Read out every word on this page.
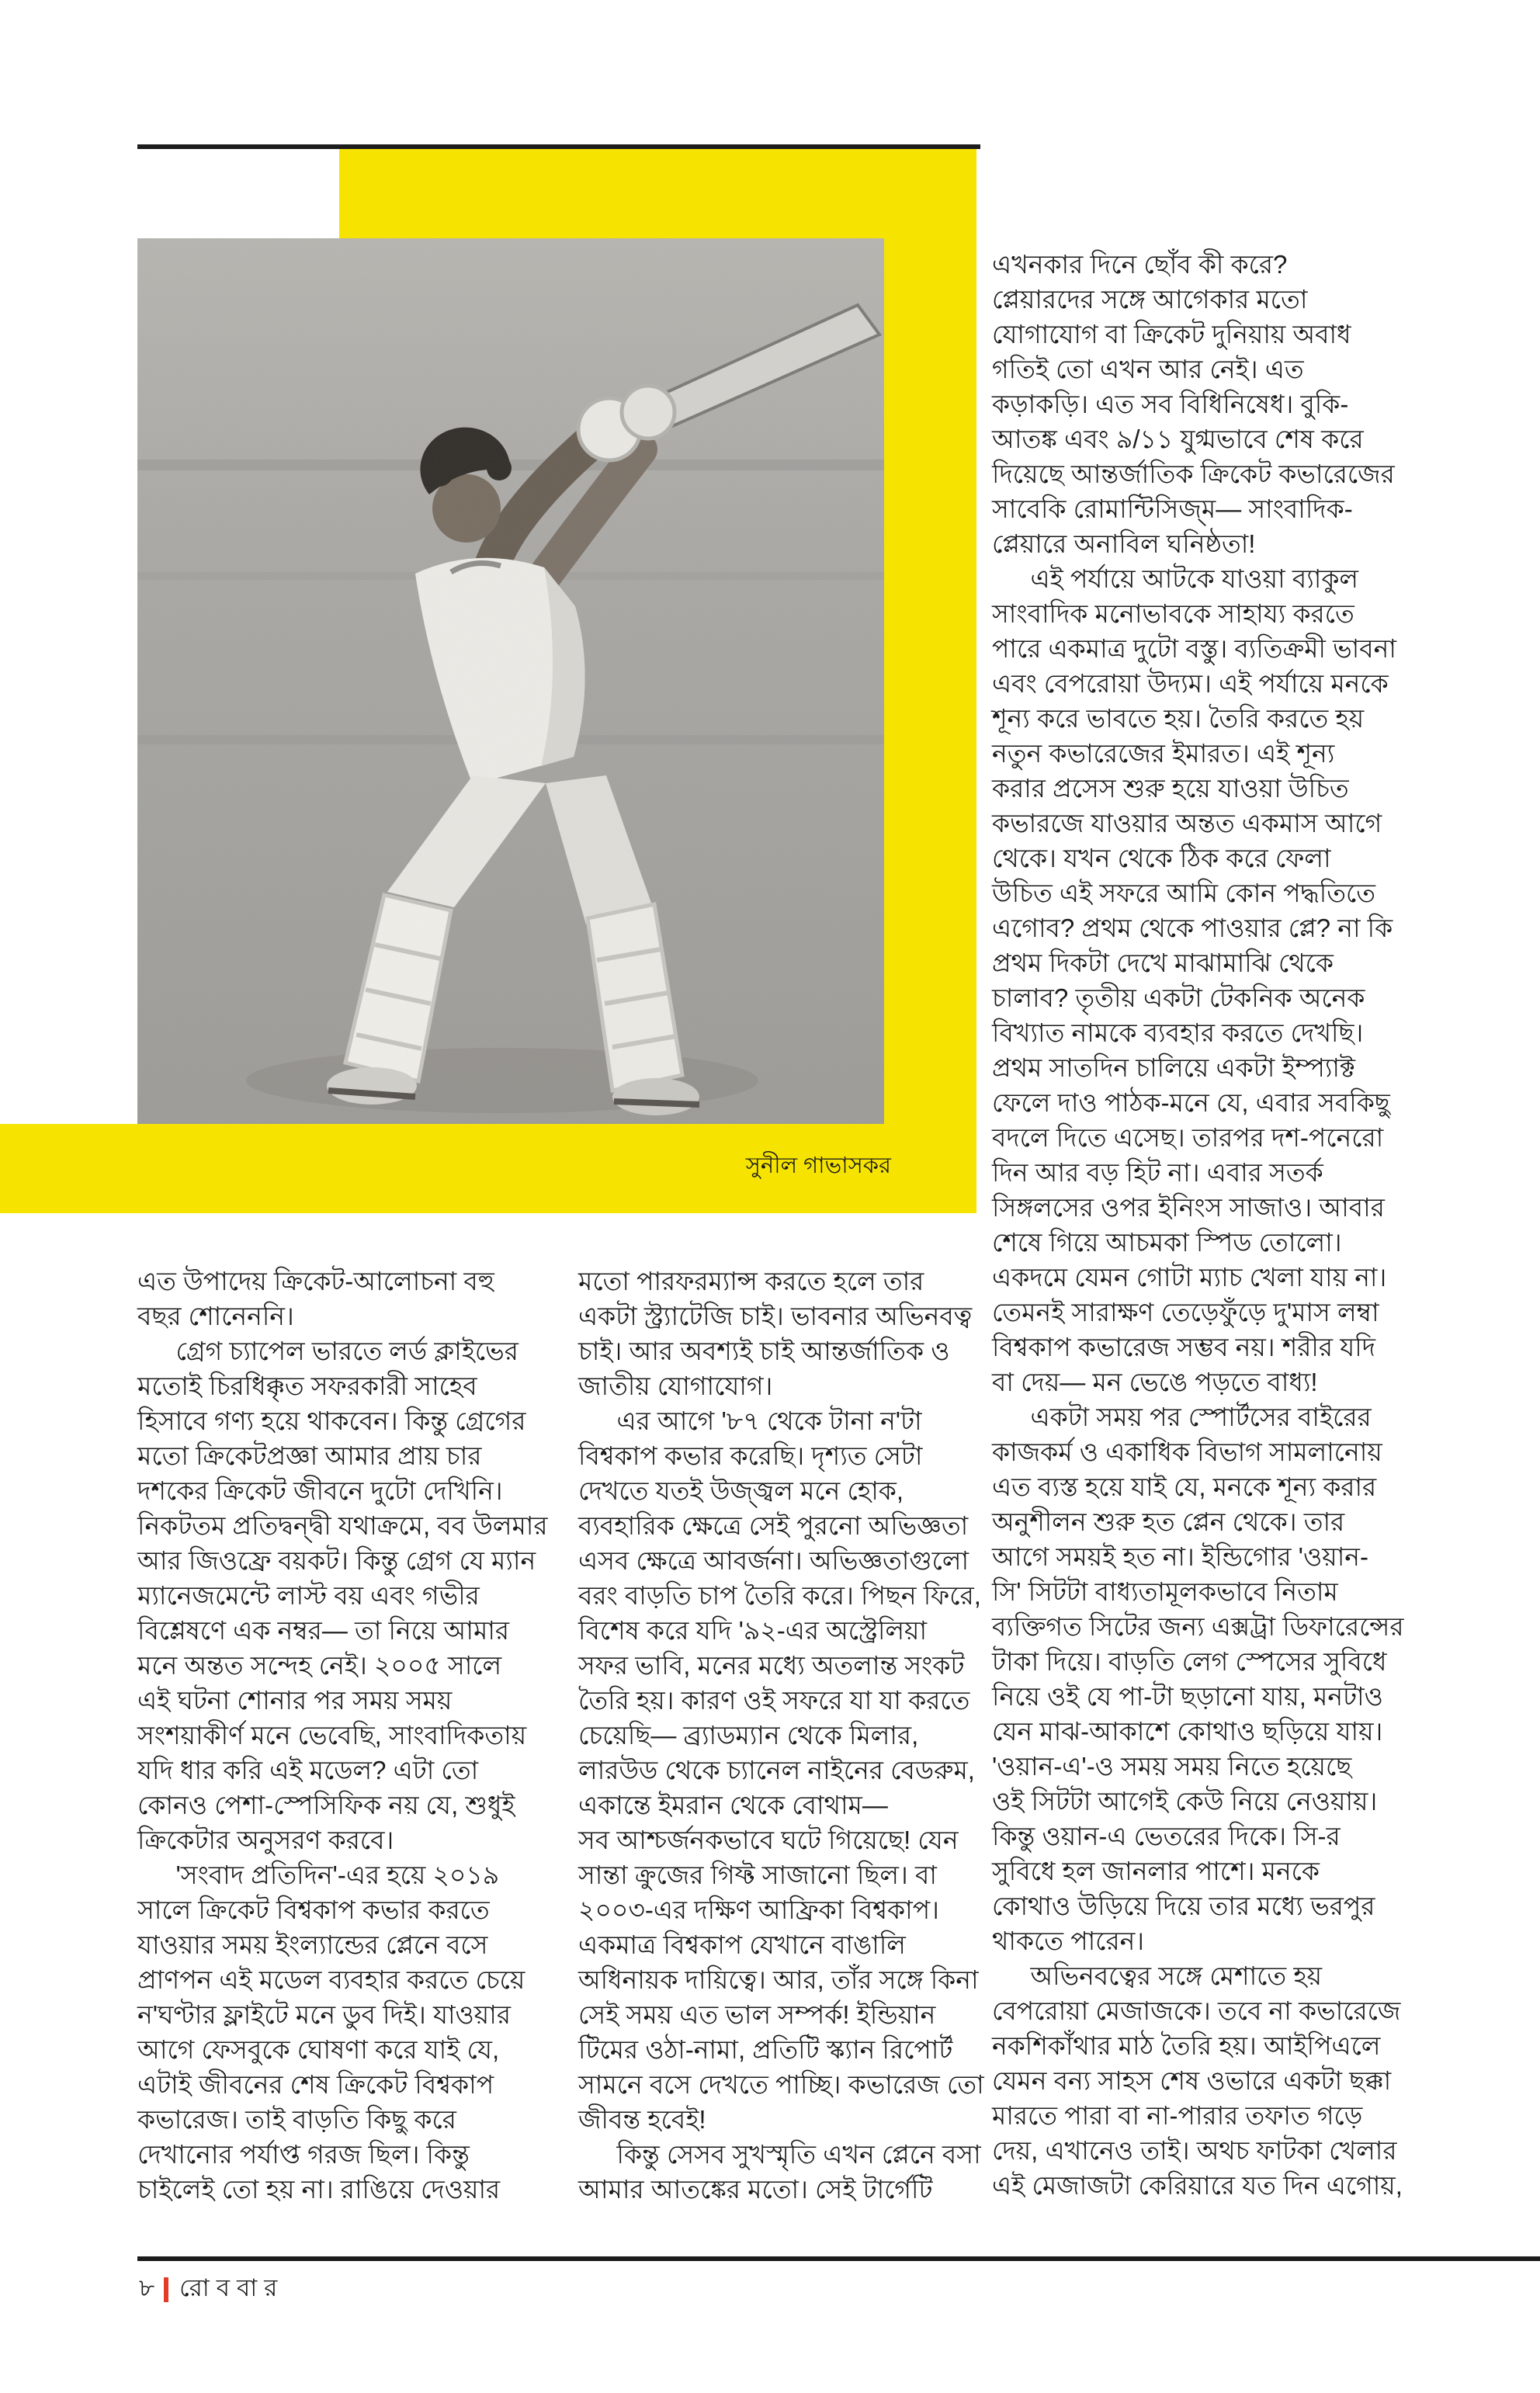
সুনীল গাভাসকর
এত উপাদেয় ক্রিকেট-আলোচনা বহু
বছর শোনেননি।
  গ্রেগ চ্যাপেল ভারতে লর্ড ক্লাইভের
মতোই চিরধিক্কৃত সফরকারী সাহেব
হিসাবে গণ্য হয়ে থাকবেন। কিন্তু গ্রেগের
মতো ক্রিকেটপ্রজ্ঞা আমার প্রায় চার
দশকের ক্রিকেট জীবনে দুটো দেখিনি।
নিকটতম প্রতিদ্বন্দ্বী যথাক্রমে, বব উলমার
আর জিওফ্রে বয়কট। কিন্তু গ্রেগ যে ম্যান
ম্যানেজমেন্টে লাস্ট বয় এবং গভীর
বিশ্লেষণে এক নম্বর— তা নিয়ে আমার
মনে অন্তত সন্দেহ নেই। ২০০৫ সালে
এই ঘটনা শোনার পর সময় সময়
সংশয়াকীর্ণ মনে ভেবেছি, সাংবাদিকতায়
যদি ধার করি এই মডেল? এটা তো
কোনও পেশা-স্পেসিফিক নয় যে, শুধুই
ক্রিকেটার অনুসরণ করবে।
  'সংবাদ প্রতিদিন'-এর হয়ে ২০১৯
সালে ক্রিকেট বিশ্বকাপ কভার করতে
যাওয়ার সময় ইংল্যান্ডের প্লেনে বসে
প্রাণপন এই মডেল ব্যবহার করতে চেয়ে
ন'ঘণ্টার ফ্লাইটে মনে ডুব দিই। যাওয়ার
আগে ফেসবুকে ঘোষণা করে যাই যে,
এটাই জীবনের শেষ ক্রিকেট বিশ্বকাপ
কভারেজ। তাই বাড়তি কিছু করে
দেখানোর পর্যাপ্ত গরজ ছিল। কিন্তু
চাইলেই তো হয় না। রাঙিয়ে দেওয়ার
মতো পারফরম্যান্স করতে হলে তার
একটা স্ট্র্যাটেজি চাই। ভাবনার অভিনবত্ব
চাই। আর অবশ্যই চাই আন্তর্জাতিক ও
জাতীয় যোগাযোগ।
  এর আগে '৮৭ থেকে টানা ন'টা
বিশ্বকাপ কভার করেছি। দৃশ্যত সেটা
দেখতে যতই উজ্জ্বল মনে হোক,
ব্যবহারিক ক্ষেত্রে সেই পুরনো অভিজ্ঞতা
এসব ক্ষেত্রে আবর্জনা। অভিজ্ঞতাগুলো
বরং বাড়তি চাপ তৈরি করে। পিছন ফিরে,
বিশেষ করে যদি '৯২-এর অস্ট্রেলিয়া
সফর ভাবি, মনের মধ্যে অতলান্ত সংকট
তৈরি হয়। কারণ ওই সফরে যা যা করতে
চেয়েছি— ব্র্যাডম্যান থেকে মিলার,
লারউড থেকে চ্যানেল নাইনের বেডরুম,
একান্তে ইমরান থেকে বোথাম—
সব আশ্চর্জনকভাবে ঘটে গিয়েছে! যেন
সান্তা ক্রুজের গিফ্ট সাজানো ছিল। বা
২০০৩-এর দক্ষিণ আফ্রিকা বিশ্বকাপ।
একমাত্র বিশ্বকাপ যেখানে বাঙালি
অধিনায়ক দায়িত্বে। আর, তাঁর সঙ্গে কিনা
সেই সময় এত ভাল সম্পর্ক! ইন্ডিয়ান
টিমের ওঠা-নামা, প্রতিটি স্ক্যান রিপোর্ট
সামনে বসে দেখতে পাচ্ছি। কভারেজ তো
জীবন্ত হবেই!
  কিন্তু সেসব সুখস্মৃতি এখন প্লেনে বসা
আমার আতঙ্কের মতো। সেই টার্গেটি
এখনকার দিনে ছোঁব কী করে?
প্লেয়ারদের সঙ্গে আগেকার মতো
যোগাযোগ বা ক্রিকেট দুনিয়ায় অবাধ
গতিই তো এখন আর নেই। এত
কড়াকড়ি। এত সব বিধিনিষেধ। বুকি-
আতঙ্ক এবং ৯/১১ যুগ্মভাবে শেষ করে
দিয়েছে আন্তর্জাতিক ক্রিকেট কভারেজের
সাবেকি রোমান্টিসিজ্ম— সাংবাদিক-
প্লেয়ারে অনাবিল ঘনিষ্ঠতা!
  এই পর্যায়ে আটকে যাওয়া ব্যাকুল
সাংবাদিক মনোভাবকে সাহায্য করতে
পারে একমাত্র দুটো বস্তু। ব্যতিক্রমী ভাবনা
এবং বেপরোয়া উদ্যম। এই পর্যায়ে মনকে
শূন্য করে ভাবতে হয়। তৈরি করতে হয়
নতুন কভারেজের ইমারত। এই শূন্য
করার প্রসেস শুরু হয়ে যাওয়া উচিত
কভারজে যাওয়ার অন্তত একমাস আগে
থেকে। যখন থেকে ঠিক করে ফেলা
উচিত এই সফরে আমি কোন পদ্ধতিতে
এগোব? প্রথম থেকে পাওয়ার প্লে? না কি
প্রথম দিকটা দেখে মাঝামাঝি থেকে
চালাব? তৃতীয় একটা টেকনিক অনেক
বিখ্যাত নামকে ব্যবহার করতে দেখছি।
প্রথম সাতদিন চালিয়ে একটা ইম্প্যাক্ট
ফেলে দাও পাঠক-মনে যে, এবার সবকিছু
বদলে দিতে এসেছ। তারপর দশ-পনেরো
দিন আর বড় হিট না। এবার সতর্ক
সিঙ্গলসের ওপর ইনিংস সাজাও। আবার
শেষে গিয়ে আচমকা স্পিড তোলো।
একদমে যেমন গোটা ম্যাচ খেলা যায় না।
তেমনই সারাক্ষণ তেড়েফুঁড়ে দু'মাস লম্বা
বিশ্বকাপ কভারেজ সম্ভব নয়। শরীর যদি
বা দেয়— মন ভেঙে পড়তে বাধ্য!
  একটা সময় পর স্পোর্টসের বাইরের
কাজকর্ম ও একাধিক বিভাগ সামলানোয়
এত ব্যস্ত হয়ে যাই যে, মনকে শূন্য করার
অনুশীলন শুরু হত প্লেন থেকে। তার
আগে সময়ই হত না। ইন্ডিগোর 'ওয়ান-
সি' সিটটা বাধ্যতামূলকভাবে নিতাম
ব্যক্তিগত সিটের জন্য এক্সট্রা ডিফারেন্সের
টাকা দিয়ে। বাড়তি লেগ স্পেসের সুবিধে
নিয়ে ওই যে পা-টা ছড়ানো যায়, মনটাও
যেন মাঝ-আকাশে কোথাও ছড়িয়ে যায়।
'ওয়ান-এ'-ও সময় সময় নিতে হয়েছে
ওই সিটটা আগেই কেউ নিয়ে নেওয়ায়।
কিন্তু ওয়ান-এ ভেতরের দিকে। সি-র
সুবিধে হল জানলার পাশে। মনকে
কোথাও উড়িয়ে দিয়ে তার মধ্যে ভরপুর
থাকতে পারেন।
  অভিনবত্বের সঙ্গে মেশাতে হয়
বেপরোয়া মেজাজকে। তবে না কভারেজে
নকশিকাঁথার মাঠ তৈরি হয়। আইপিএলে
যেমন বন্য সাহস শেষ ওভারে একটা ছক্কা
মারতে পারা বা না-পারার তফাত গড়ে
দেয়, এখানেও তাই। অথচ ফাটকা খেলার
এই মেজাজটা কেরিয়ারে যত দিন এগোয়,
৮ রোববার
